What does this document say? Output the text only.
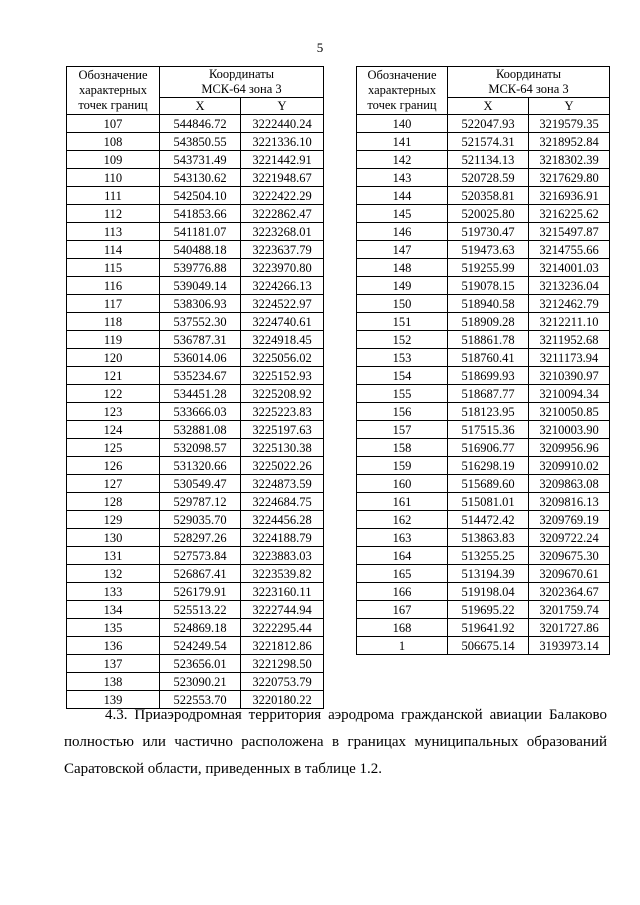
5
Обозначение
характерных
точек границ	Координаты
МСК-64 зона 3	

	X	Y
107	544846.72	3222440.24
108	543850.55	3221336.10
109	543731.49	3221442.91
110	543130.62	3221948.67
111	542504.10	3222422.29
112	541853.66	3222862.47
113	541181.07	3223268.01
114	540488.18	3223637.79
115	539776.88	3223970.80
116	539049.14	3224266.13
117	538306.93	3224522.97
118	537552.30	3224740.61
119	536787.31	3224918.45
120	536014.06	3225056.02
121	535234.67	3225152.93
122	534451.28	3225208.92
123	533666.03	3225223.83
124	532881.08	3225197.63
125	532098.57	3225130.38
126	531320.66	3225022.26
127	530549.47	3224873.59
128	529787.12	3224684.75
129	529035.70	3224456.28
130	528297.26	3224188.79
131	527573.84	3223883.03
132	526867.41	3223539.82
133	526179.91	3223160.11
134	525513.22	3222744.94
135	524869.18	3222295.44
136	524249.54	3221812.86
137	523656.01	3221298.50
138	523090.21	3220753.79
139	522553.70	3220180.22
Обозначение
характерных
точек границ	Координаты
МСК-64 зона 3	

	X	Y
140	522047.93	3219579.35
141	521574.31	3218952.84
142	521134.13	3218302.39
143	520728.59	3217629.80
144	520358.81	3216936.91
145	520025.80	3216225.62
146	519730.47	3215497.87
147	519473.63	3214755.66
148	519255.99	3214001.03
149	519078.15	3213236.04
150	518940.58	3212462.79
151	518909.28	3212211.10
152	518861.78	3211952.68
153	518760.41	3211173.94
154	518699.93	3210390.97
155	518687.77	3210094.34
156	518123.95	3210050.85
157	517515.36	3210003.90
158	516906.77	3209956.96
159	516298.19	3209910.02
160	515689.60	3209863.08
161	515081.01	3209816.13
162	514472.42	3209769.19
163	513863.83	3209722.24
164	513255.25	3209675.30
165	513194.39	3209670.61
166	519198.04	3202364.67
167	519695.22	3201759.74
168	519641.92	3201727.86
1	506675.14	3193973.14

4.3. Приаэродромная территория аэродрома гражданской авиации Балаково полностью или частично расположена в границах муниципальных образований Саратовской области, приведенных в таблице 1.2.
